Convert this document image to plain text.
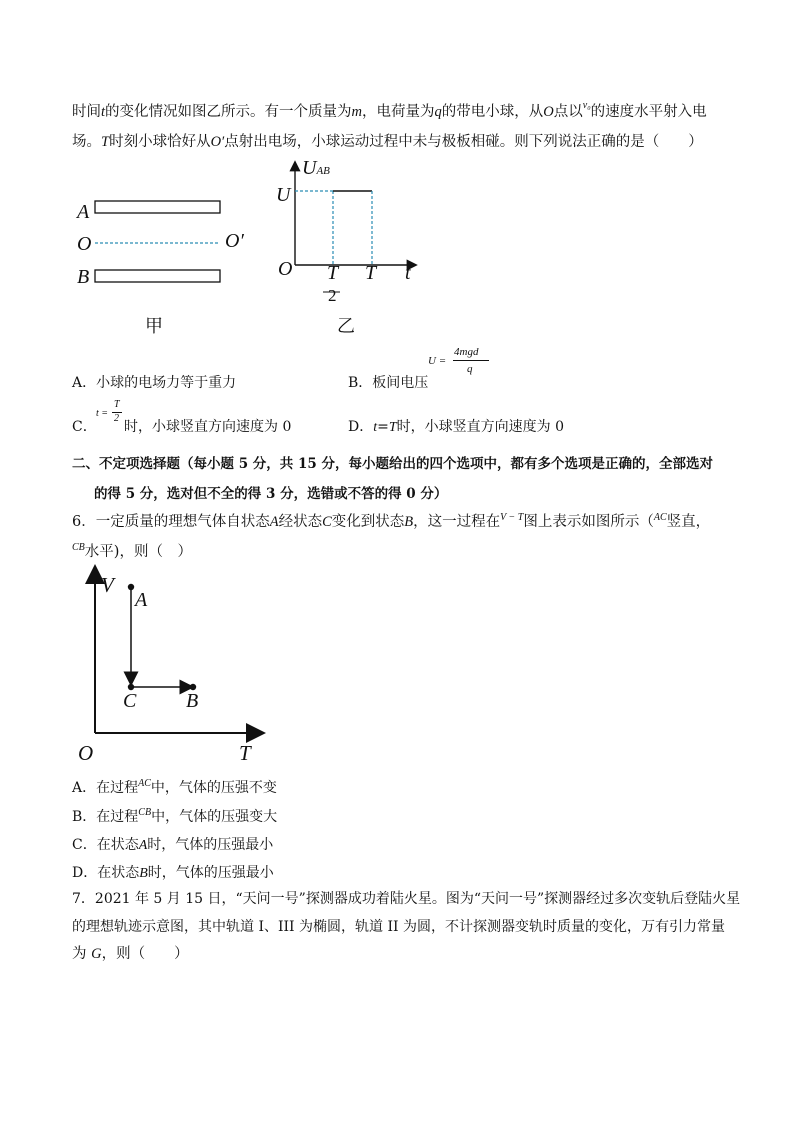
时间t的变化情况如图乙所示。有一个质量为m，电荷量为q的带电小球，从O点以$^{v_0}$的速度水平射入电
场。T时刻小球恰好从O′点射出电场，小球运动过程中未与极板相碰。则下列说法正确的是（　　）
A
O	O′
B
甲
UAB
U
O T
2
T t
乙
A．小球的电场力等于重力	B．板间电压
U =
4mgd
q
C．
t =
T
2
时，小球竖直方向速度为 0	D．t=T时，小球竖直方向速度为 0
二、不定项选择题（每小题 5 分，共 15 分，每小题给出的四个选项中，都有多个选项是正确的，全部选对
的得 5 分，选对但不全的得 3 分，选错或不答的得 0 分）
6．一定质量的理想气体自状态A经状态C变化到状态B，这一过程在$^{V - T}$图上表示如图所示（$^{AC}$竖直，
$^{CB}$水平)，则（　）
V
A
C B
O	T
A．在过程$^{AC}$中，气体的压强不变
B．在过程$^{CB}$中，气体的压强变大
C．在状态A时，气体的压强最小
D．在状态B时，气体的压强最小
7．2021 年 5 月 15 日，“天问一号”探测器成功着陆火星。图为“天问一号”探测器经过多次变轨后登陆火星
的理想轨迹示意图，其中轨道 I、III 为椭圆，轨道 II 为圆，不计探测器变轨时质量的变化，万有引力常量
为 G，则（　　）
